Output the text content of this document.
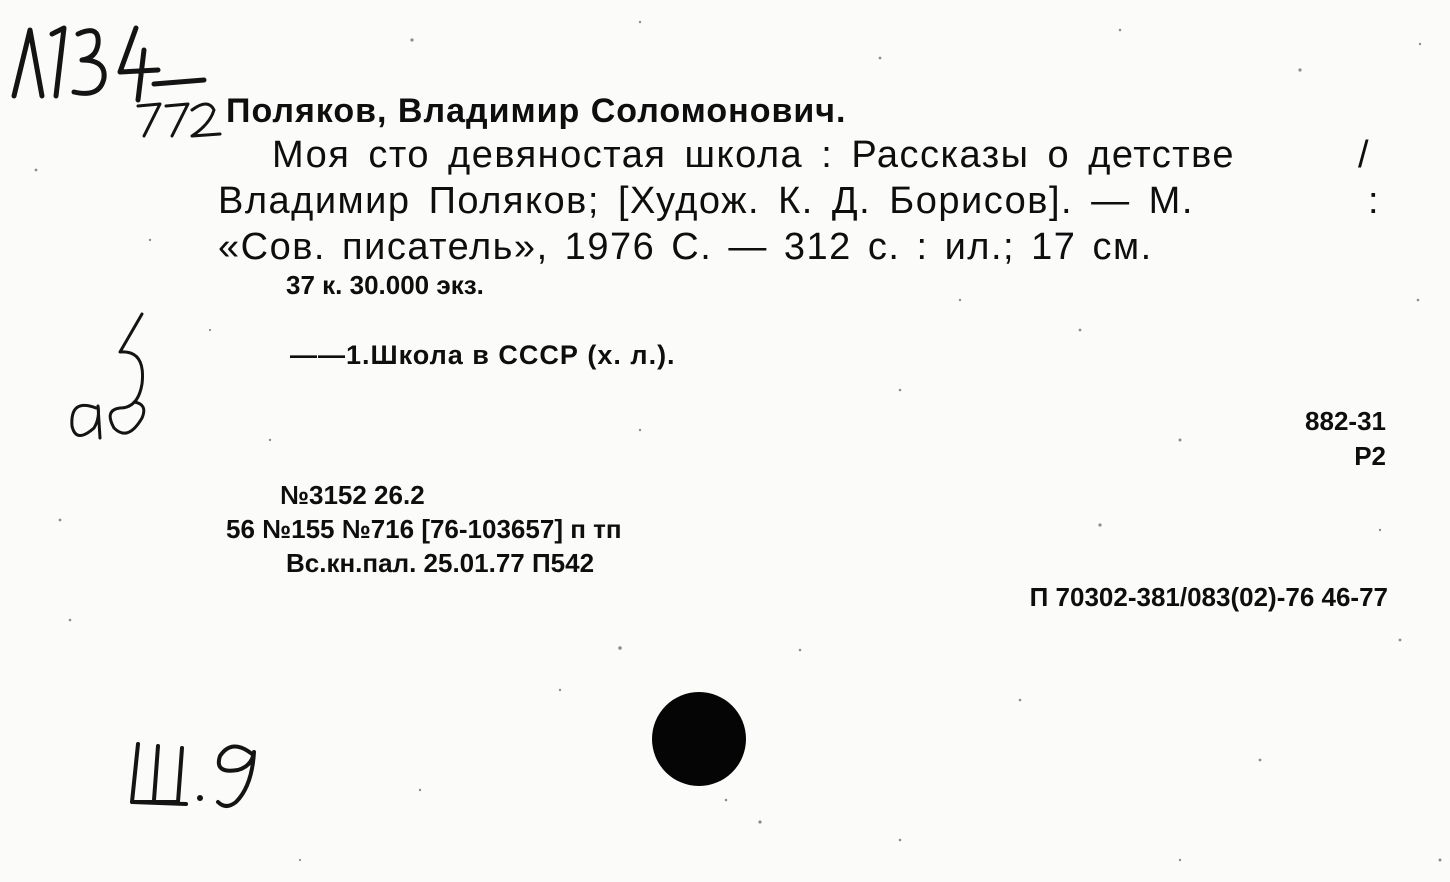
Поляков, Владимир Соломонович.
Моя сто девяностая школа : Рассказы о детстве	/
Владимир Поляков; [Худож. К. Д. Борисов]. — М.	:
«Сов. писатель», 1976 С. — 312 с. : ил.; 17 см.
37 к. 30.000 экз.
——1.Школа в СССР (х. л.).
882-31
Р2
№3152 26.2
56 №155 №716 [76-103657] п тп
Вс.кн.пал. 25.01.77 П542
П 70302-381/083(02)-76 46-77
